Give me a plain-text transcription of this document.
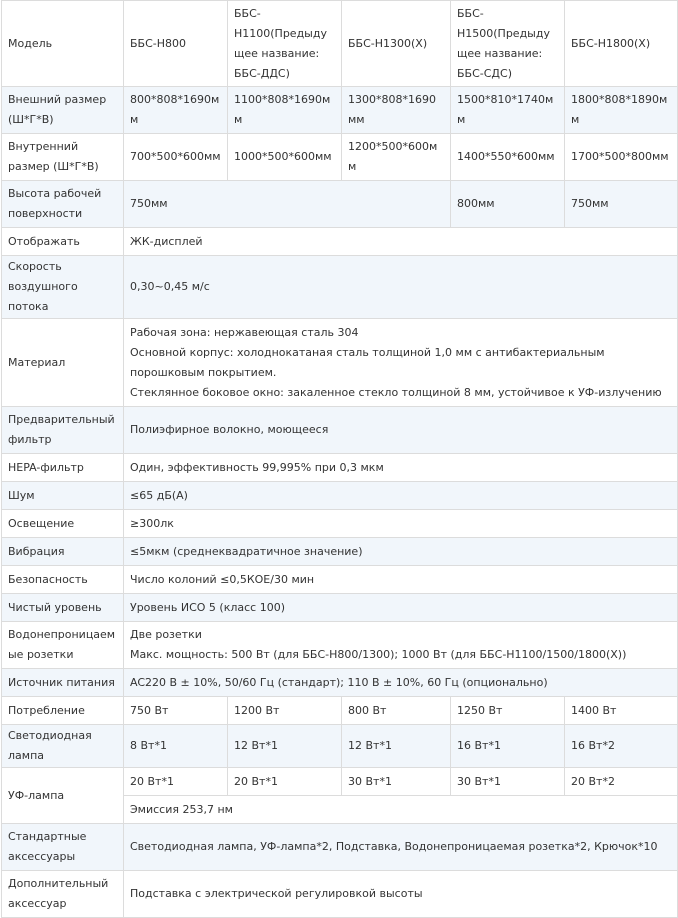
Модель	ББС-Н800	ББС-Н1100(Предыдущее название: ББС-ДДС)	ББС-Н1300(Х)	ББС-Н1500(Предыдущее название: ББС-СДС)	ББС-Н1800(Х)
Внешний размер (Ш*Г*В)	800*808*1690мм	1100*808*1690мм	1300*808*1690мм	1500*810*1740мм	1800*808*1890мм
Внутренний размер (Ш*Г*В)	700*500*600мм	1000*500*600мм	1200*500*600мм	1400*550*600мм	1700*500*800мм
Высота рабочей поверхности	750мм			800мм	750мм
Отображать	ЖК-дисплей				
Скорость воздушного потока	0,30~0,45 м/с				
Материал	Рабочая зона: нержавеющая сталь 304
Основной корпус: холоднокатаная сталь толщиной 1,0 мм с антибактериальным порошковым покрытием.
Стеклянное боковое окно: закаленное стекло толщиной 8 мм, устойчивое к УФ-излучению				

Предварительный фильтр	Полиэфирное волокно, моющееся				
HEPA-фильтр	Один, эффективность 99,995% при 0,3 мкм				
Шум	≤65 дБ(А)				
Освещение	≥300лк				
Вибрация	≤5мкм (среднеквадратичное значение)				
Безопасность	Число колоний ≤0,5КОЕ/30 мин				
Чистый уровень	Уровень ИСО 5 (класс 100)				
Водонепроницаемые розетки	Две розетки
Макс. мощность: 500 Вт (для ББС-Н800/1300); 1000 Вт (для ББС-Н1100/1500/1800(Х))				

Источник питания	AC220 В ± 10%, 50/60 Гц (стандарт); 110 В ± 10%, 60 Гц (опционально)				
Потребление	750 Вт	1200 Вт	800 Вт	1250 Вт	1400 Вт
Светодиодная лампа	8 Вт*1	12 Вт*1	12 Вт*1	16 Вт*1	16 Вт*2
УФ-лампа	20 Вт*1	20 Вт*1	30 Вт*1	30 Вт*1	20 Вт*2
	Эмиссия 253,7 нм				
Стандартные аксессуары	Светодиодная лампа, УФ-лампа*2, Подставка, Водонепроницаемая розетка*2, Крючок*10				
Дополнительный аксессуар	Подставка с электрической регулировкой высоты				
